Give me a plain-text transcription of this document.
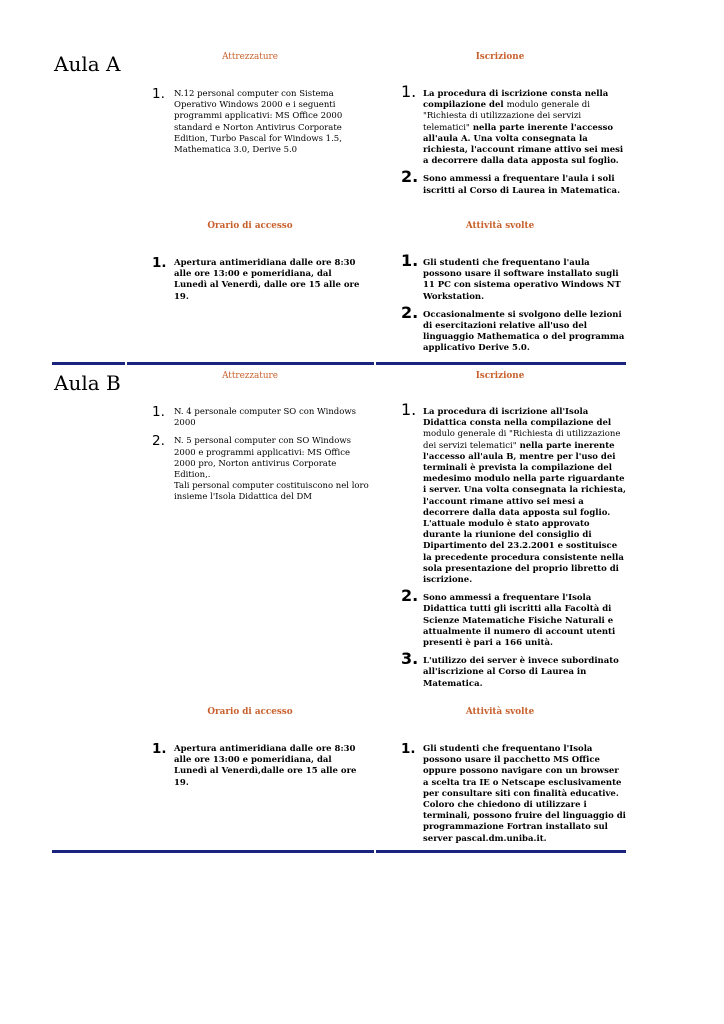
Aula A	Attrezzature	Iscrizione

1. N.12 personal computer con Sistema Operativo Windows 2000 e i seguenti programmi applicativi: MS Office 2000 standard e Norton Antivirus Corporate Edition, Turbo Pascal for Windows 1.5, Mathematica 3.0, Derive 5.0
1. La procedura di iscrizione consta nella compilazione del modulo generale di "Richiesta di utilizzazione dei servizi telematici" nella parte inerente l'accesso all'aula A. Una volta consegnata la richiesta, l'account rimane attivo sei mesi a decorrere dalla data apposta sul foglio.
2. Sono ammessi a frequentare l'aula i soli iscritti al Corso di Laurea in Matematica.

Orario di accesso	Attività svolte

1. Apertura antimeridiana dalle ore 8:30 alle ore 13:00 e pomeridiana, dal Lunedì al Venerdì, dalle ore 15 alle ore 19.
1. Gli studenti che frequentano l'aula possono usare il software installato sugli 11 PC con sistema operativo Windows NT Workstation.
2. Occasionalmente si svolgono delle lezioni di esercitazioni relative all'uso del linguaggio Mathematica o del programma applicativo Derive 5.0.
Aula B	Attrezzature	Iscrizione

1. N. 4 personale computer SO con Windows 2000
2. N. 5 personal computer con SO Windows 2000 e programmi applicativi: MS Office 2000 pro, Norton antivirus Corporate Edition,.
Tali personal computer costituiscono nel loro insieme l'Isola Didattica del DM
1. La procedura di iscrizione all'Isola Didattica consta nella compilazione del modulo generale di "Richiesta di utilizzazione dei servizi telematici" nella parte inerente l'accesso all'aula B, mentre per l'uso dei terminali è prevista la compilazione del medesimo modulo nella parte riguardante i server. Una volta consegnata la richiesta, l'account rimane attivo sei mesi a decorrere dalla data apposta sul foglio. L'attuale modulo è stato approvato durante la riunione del consiglio di Dipartimento del 23.2.2001 e sostituisce la precedente procedura consistente nella sola presentazione del proprio libretto di iscrizione.
2. Sono ammessi a frequentare l'Isola Didattica tutti gli iscritti alla Facoltà di Scienze Matematiche Fisiche Naturali e attualmente il numero di account utenti presenti è pari a 166 unità.
3. L'utilizzo dei server è invece subordinato all'iscrizione al Corso di Laurea in Matematica.

Orario di accesso	Attività svolte

1. Apertura antimeridiana dalle ore 8:30 alle ore 13:00 e pomeridiana, dal Lunedì al Venerdì,dalle ore 15 alle ore 19.
1. Gli studenti che frequentano l'Isola possono usare il pacchetto MS Office oppure possono navigare con un browser a scelta tra IE o Netscape esclusivamente per consultare siti con finalità educative. Coloro che chiedono di utilizzare i terminali, possono fruire del linguaggio di programmazione Fortran installato sul server pascal.dm.uniba.it.
